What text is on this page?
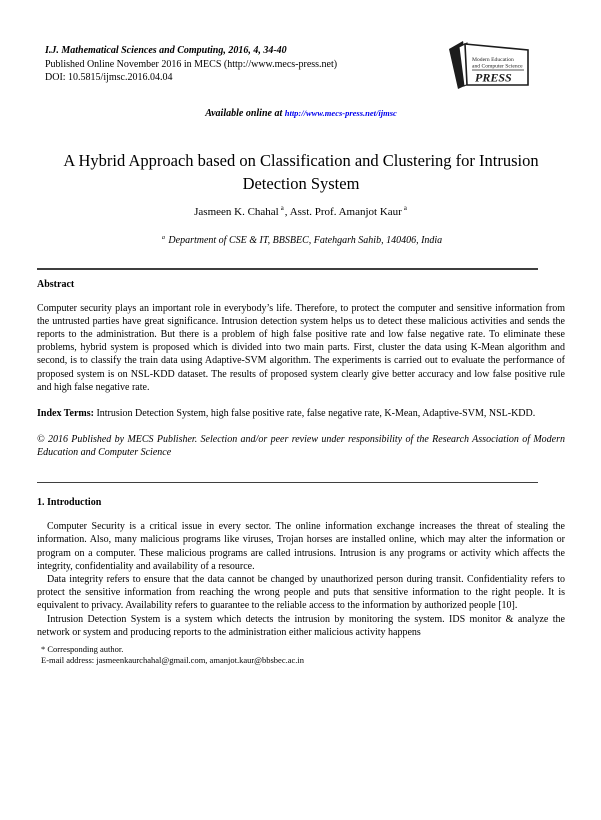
I.J. Mathematical Sciences and Computing, 2016, 4, 34-40
Published Online November 2016 in MECS (http://www.mecs-press.net)
DOI: 10.5815/ijmsc.2016.04.04
Modern Education
and Computer Science
PRESS
Available online at http://www.mecs-press.net/ijmsc
A Hybrid Approach based on Classification and Clustering for Intrusion Detection System
Jasmeen K. Chahal $^a$, Asst. Prof. Amanjot Kaur $^a$
$^a$ Department of CSE & IT, BBSBEC, Fatehgarh Sahib, 140406, India
Abstract
Computer security plays an important role in everybody’s life. Therefore, to protect the computer and sensitive information from the untrusted parties have great significance. Intrusion detection system helps us to detect these malicious activities and sends the reports to the administration. But there is a problem of high false positive rate and low false negative rate. To eliminate these problems, hybrid system is proposed which is divided into two main parts. First, cluster the data using K-Mean algorithm and second, is to classify the train data using Adaptive-SVM algorithm. The experiments is carried out to evaluate the performance of proposed system is on NSL-KDD dataset. The results of proposed system clearly give better accuracy and low false positive rule and high false negative rate.
Index Terms: Intrusion Detection System, high false positive rate, false negative rate, K-Mean, Adaptive-SVM, NSL-KDD.
© 2016 Published by MECS Publisher. Selection and/or peer review under responsibility of the Research Association of Modern Education and Computer Science
1. Introduction

Computer Security is a critical issue in every sector. The online information exchange increases the threat of stealing the information. Also, many malicious programs like viruses, Trojan horses are installed online, which may alter the information or program on a computer. These malicious programs are called intrusions. Intrusion is any programs or activity which affects the integrity, confidentiality and availability of a resource.

Data integrity refers to ensure that the data cannot be changed by unauthorized person during transit. Confidentiality refers to protect the sensitive information from reaching the wrong people and puts that sensitive information to the right people. It is equivalent to privacy. Availability refers to guarantee to the reliable access to the information by authorized people [10].

Intrusion Detection System is a system which detects the intrusion by monitoring the system. IDS monitor & analyze the network or system and producing reports to the administration either malicious activity happens

* Corresponding author.
E-mail address: jasmeenkaurchahal@gmail.com, amanjot.kaur@bbsbec.ac.in
